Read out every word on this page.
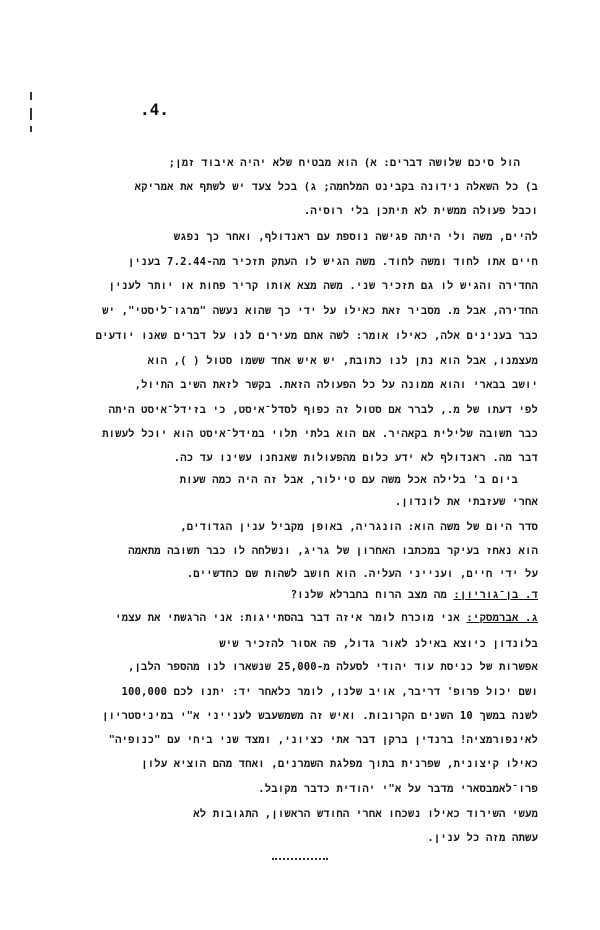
.4.
הול סיכם שלושה דברים: א) הוא מבטיח שלא יהיה איבוד זמן;
ב) כל השאלה נידונה בקבינט המלחמה; ג) בכל צעד יש לשתף את אמריקא
וכבל פעולה ממשית לא תיתכן בלי רוסיה.
להיים, משה ולי היתה פגישה נוספת עם ראנדולף, ואחר כך נפגש
חיים אתו לחוד ומשה לחוד. משה הגיש לו העתק תזכיר מה-7.2.44 בענין
החדירה והגיש לו גם תזכיר שני. משה מצא אותו קריר פחות או יותר לענין
החדירה, אבל מ. מסביר זאת כאילו על ידי כך שהוא נעשה "מרגו־ליסטי", יש
כבר בענינים אלה, כאילו אומר: לשה אתם מעירים לנו על דברים שאנו יודעים
מעצמנו, אבל הוא נתן לנו כתובת, יש איש אחד ששמו סטול ( ), הוא
יושב בבארי והוא ממונה על כל הפעולה הזאת. בקשר לזאת השיב התיול,
לפי דעתו של מ., לברר אם סטול זה כפוף לסדל־איסט, כי בזידל־איסט היתה
כבר תשובה שלילית בקאהיר. אם הוא בלתי תלוי במידל־איסט הוא יוכל לעשות
דבר מה. ראנדולף לא ידע כלום מהפעולות שאנחנו עשינו עד כה.
ביום ב' בלילה אכל משה עם טיילור, אבל זה היה כמה שעות
אחרי שעזבתי את לונדון.
סדר היום של משה הוא: הונגריה, באופן מקביל ענין הגדודים,
הוא נאחז בעיקר במכתבו האחרון של גריג, ונשלחה לו כבר תשובה מתאמה
על ידי חיים, וענייני העליה. הוא חושב לשהות שם כחדשיים.
ד. בן־גוריון: מה מצב הרוח בחברלא שלנו?
ג. אברמסקי: אני מוכרח לומר איזה דבר בהסתייגות: אני הרגשתי את עצמי
בלונדון כיוצא באילנ לאור גדול, פה אסור להזכיר שיש
אפשרות של כניסת עוד יהודי לסעלה מ-25,000 שנשארו לנו מהספר הלבן,
ושם יכול פרופ' דריבר, אויב שלנו, לומר כלאחר יד: יתנו לכם 100,000
לשנה במשך 10 השנים הקרובות. ואיש זה משמשעבש לענייני א"י במיניסטריון
לאינפורמציה! ברנדין ברקן דבר אתי כציוני, ומצד שני ביחי עם "כנופיה"
כאילו קיצונית, שפרנית בתוך מפלגת השמרנים, ואחד מהם הוציא עלון
פרו־לאמבסארי מדבר על א"י יהודית כדבר מקובל.
מעשי השירוד כאילו נשכחו אחרי החודש הראשון, התגובות לא
עשתה מזה כל ענין.
